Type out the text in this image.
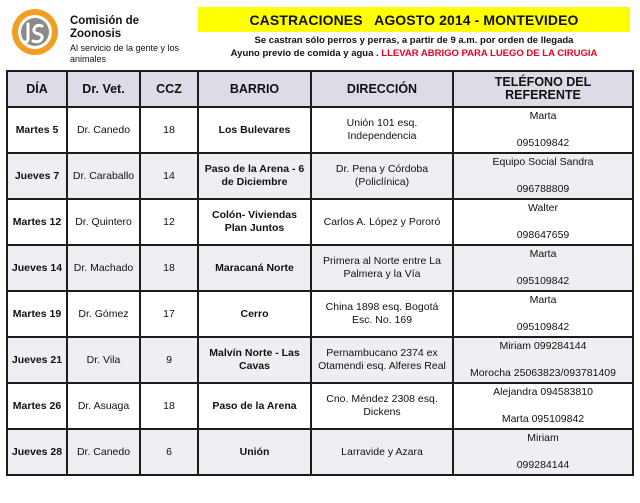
Comisión de Zoonosis
Al servicio de la gente y los animales
CASTRACIONES   AGOSTO 2014 - MONTEVIDEO
Se castran sólo perros y perras, a partir de 9 a.m. por orden de llegada
Ayuno previo de comida y agua . LLEVAR ABRIGO PARA LUEGO DE LA CIRUGIA
DÍA	Dr. Vet.	CCZ	BARRIO	DIRECCIÓN	TELÉFONO DEL REFERENTE
Martes 5	Dr. Canedo	18	Los Bulevares	Unión 101 esq. Independencia	Marta
095109842

Jueves 7	Dr. Caraballo	14	Paso de la Arena - 6 de Diciembre	Dr. Pena y Córdoba (Policlínica)	Equipo Social Sandra
096788809

Martes 12	Dr. Quintero	12	Colón- Viviendas Plan Juntos	Carlos A. López y Pororó	Walter
098647659

Jueves 14	Dr. Machado	18	Maracaná Norte	Primera al Norte entre La Palmera y la Vía	Marta
095109842

Martes 19	Dr. Gómez	17	Cerro	China 1898 esq. Bogotá Esc. No. 169	Marta
095109842

Jueves 21	Dr. Vila	9	Malvín Norte - Las Cavas	Pernambucano 2374 ex Otamendi esq. Alferes Real	Miriam 099284144
Morocha 25063823/093781409

Martes 26	Dr. Asuaga	18	Paso de la Arena	Cno. Méndez 2308 esq. Dickens	Alejandra 094583810
Marta 095109842

Jueves 28	Dr. Canedo	6	Unión	Larravide y Azara	Miriam
099284144
